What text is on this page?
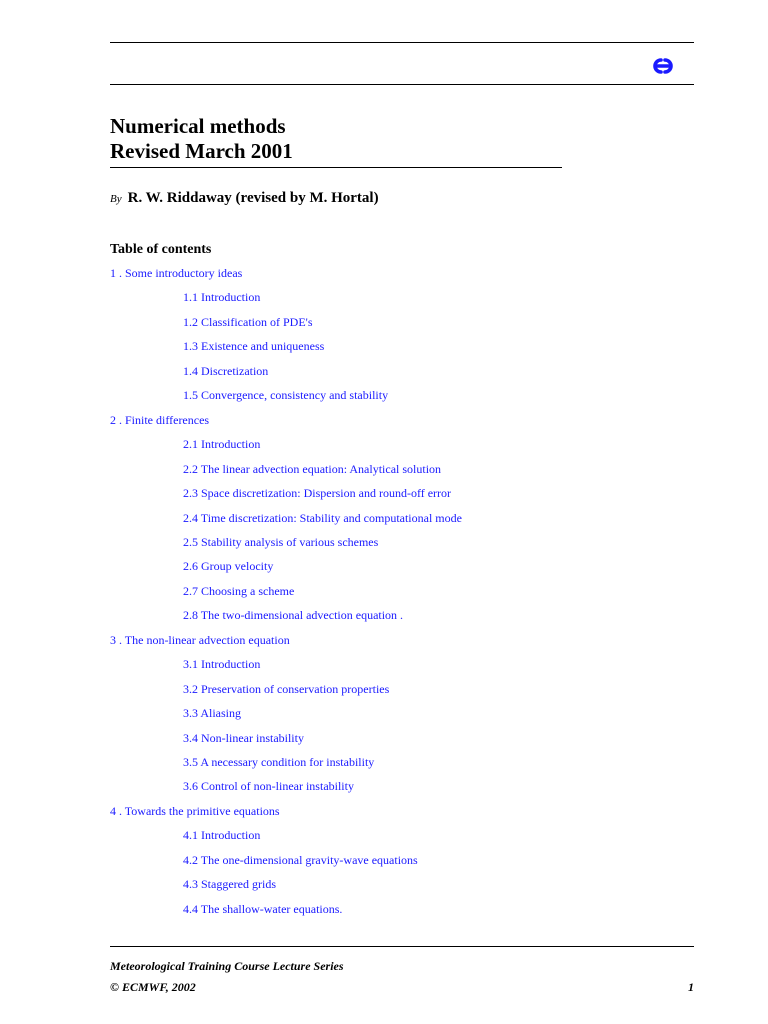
Numerical methods
Revised March 2001
By R. W. Riddaway (revised by M. Hortal)
Table of contents
1 . Some introductory ideas
1.1 Introduction
1.2 Classification of PDE's
1.3 Existence and uniqueness
1.4 Discretization
1.5 Convergence, consistency and stability
2 . Finite differences
2.1 Introduction
2.2 The linear advection equation: Analytical solution
2.3 Space discretization: Dispersion and round-off error
2.4 Time discretization: Stability and computational mode
2.5 Stability analysis of various schemes
2.6 Group velocity
2.7 Choosing a scheme
2.8 The two-dimensional advection equation .
3 . The non-linear advection equation
3.1 Introduction
3.2 Preservation of conservation properties
3.3 Aliasing
3.4 Non-linear instability
3.5 A necessary condition for instability
3.6 Control of non-linear instability
4 . Towards the primitive equations
4.1 Introduction
4.2 The one-dimensional gravity-wave equations
4.3 Staggered grids
4.4 The shallow-water equations.
Meteorological Training Course Lecture Series
© ECMWF, 2002	1
